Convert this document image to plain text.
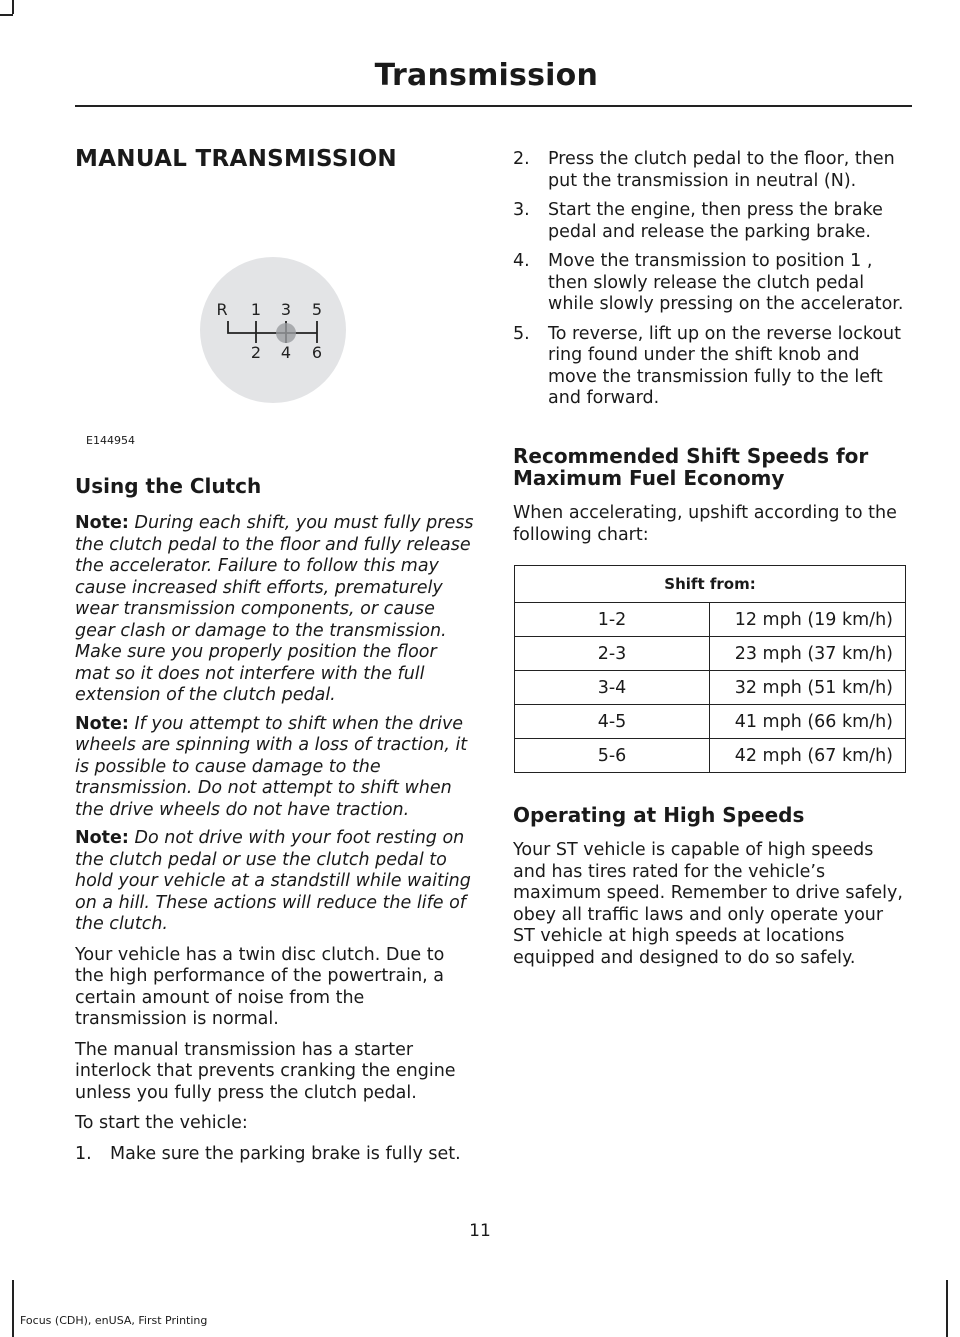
Transmission
MANUAL TRANSMISSION
R 1 3 5
2 4 6
E144954
Using the Clutch

Note: During each shift, you must fully press the clutch pedal to the floor and fully release the accelerator. Failure to follow this may cause increased shift efforts, prematurely wear transmission components, or cause gear clash or damage to the transmission. Make sure you properly position the floor mat so it does not interfere with the full extension of the clutch pedal.

Note: If you attempt to shift when the drive wheels are spinning with a loss of traction, it is possible to cause damage to the transmission. Do not attempt to shift when the drive wheels do not have traction.

Note: Do not drive with your foot resting on the clutch pedal or use the clutch pedal to hold your vehicle at a standstill while waiting on a hill. These actions will reduce the life of the clutch.

Your vehicle has a twin disc clutch. Due to the high performance of the powertrain, a certain amount of noise from the transmission is normal.

The manual transmission has a starter interlock that prevents cranking the engine unless you fully press the clutch pedal.

To start the vehicle:

1. Make sure the parking brake is fully set.
2. Press the clutch pedal to the floor, then put the transmission in neutral (N).
3. Start the engine, then press the brake pedal and release the parking brake.
4. Move the transmission to position 1 , then slowly release the clutch pedal while slowly pressing on the accelerator.
5. To reverse, lift up on the reverse lockout ring found under the shift knob and move the transmission fully to the left and forward.
Recommended Shift Speeds for Maximum Fuel Economy

When accelerating, upshift according to the following chart:

Shift from:	
1-2	12 mph (19 km/h)
2-3	23 mph (37 km/h)
3-4	32 mph (51 km/h)
4-5	41 mph (66 km/h)
5-6	42 mph (67 km/h)
Operating at High Speeds

Your ST vehicle is capable of high speeds and has tires rated for the vehicle’s maximum speed. Remember to drive safely, obey all traffic laws and only operate your ST vehicle at high speeds at locations equipped and designed to do so safely.

11
Focus (CDH), enUSA, First Printing
